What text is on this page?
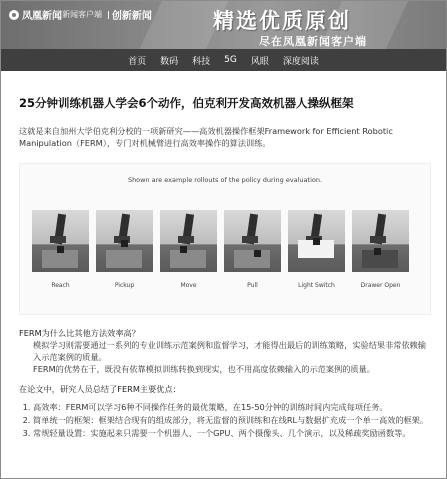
凤凰新闻 新闻客户端 | 创新新闻	精选优质原创
尽在凤凰新闻客户端
首页 数码 科技 5G 风眼 深度阅读
25分钟训练机器人学会6个动作，伯克利开发高效机器人操纵框架

这就是来自加州大学伯克利分校的一项新研究——高效机器操作框架Framework for Efficient Robotic Manipulation（FERM），专门对机械臂进行高效率操作的算法训练。

Shown are example rollouts of the policy during evaluation.
Reach	Pickup	Move	Pull	Light Switch	Drawer Open

FERM为什么比其他方法效率高？

模拟学习则需要通过一系列的专业训练示范案例和监督学习，才能得出最后的训练策略，实验结果非常依赖输入示范案例的质量。

FERM的优势在于，既没有依靠模拟训练转换到现实，也不用高度依赖输入的示范案例的质量。

在论文中，研究人员总结了FERM主要优点：

1. 高效率：FERM可以学习6种不同操作任务的最优策略，在15-50分钟的训练时间内完成每项任务。
2. 简单统一的框架：框架结合现有的组成部分，将无监督的预训练和在线RL与数据扩充成一个单一高效的框架。
3. 常规轻量设置：实施起来只需要一个机器人、一个GPU、两个摄像头、几个演示，以及稀疏奖励函数等。
